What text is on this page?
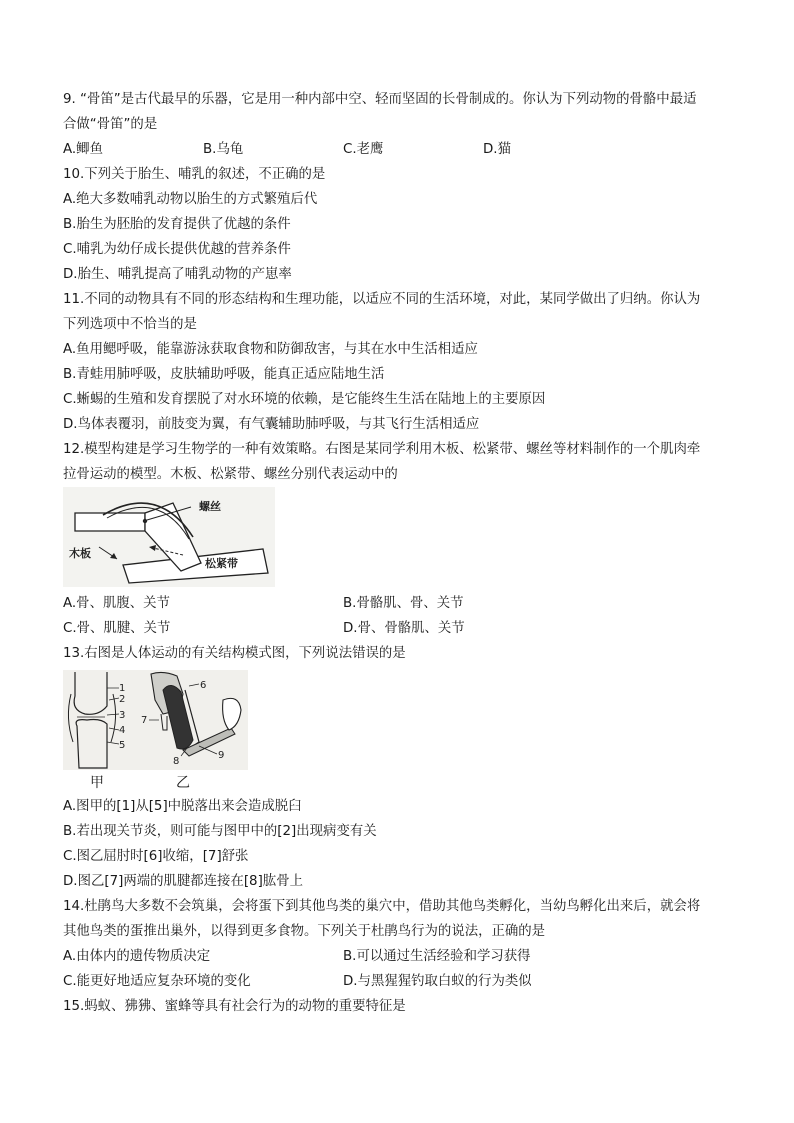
9. “骨笛”是古代最早的乐器，它是用一种内部中空、轻而坚固的长骨制成的。你认为下列动物的骨骼中最适
合做“骨笛”的是
A.鲫鱼	B.乌龟	C.老鹰	D.猫
10.下列关于胎生、哺乳的叙述，不正确的是
A.绝大多数哺乳动物以胎生的方式繁殖后代
B.胎生为胚胎的发育提供了优越的条件
C.哺乳为幼仔成长提供优越的营养条件
D.胎生、哺乳提高了哺乳动物的产崽率
11.不同的动物具有不同的形态结构和生理功能，以适应不同的生活环境，对此，某同学做出了归纳。你认为
下列选项中不恰当的是
A.鱼用鳃呼吸，能靠游泳获取食物和防御敌害，与其在水中生活相适应
B.青蛙用肺呼吸，皮肤辅助呼吸，能真正适应陆地生活
C.蜥蜴的生殖和发育摆脱了对水环境的依赖，是它能终生生活在陆地上的主要原因
D.鸟体表覆羽，前肢变为翼，有气囊辅助肺呼吸，与其飞行生活相适应
12.模型构建是学习生物学的一种有效策略。右图是某同学利用木板、松紧带、螺丝等材料制作的一个肌肉牵
拉骨运动的模型。木板、松紧带、螺丝分别代表运动中的
螺丝
木板
松紧带
A.骨、肌腹、关节	B.骨骼肌、骨、关节
C.骨、肌腱、关节	D.骨、骨骼肌、关节
13.右图是人体运动的有关结构模式图，下列说法错误的是
1
2
3
4
5
6
7
8
9
甲	乙
A.图甲的[1]从[5]中脱落出来会造成脱臼
B.若出现关节炎，则可能与图甲中的[2]出现病变有关
C.图乙屈肘时[6]收缩，[7]舒张
D.图乙[7]两端的肌腱都连接在[8]肱骨上
14.杜鹃鸟大多数不会筑巢，会将蛋下到其他鸟类的巢穴中，借助其他鸟类孵化，当幼鸟孵化出来后，就会将
其他鸟类的蛋推出巢外，以得到更多食物。下列关于杜鹃鸟行为的说法，正确的是
A.由体内的遗传物质决定	B.可以通过生活经验和学习获得
C.能更好地适应复杂环境的变化	D.与黑猩猩钓取白蚁的行为类似
15.蚂蚁、狒狒、蜜蜂等具有社会行为的动物的重要特征是
